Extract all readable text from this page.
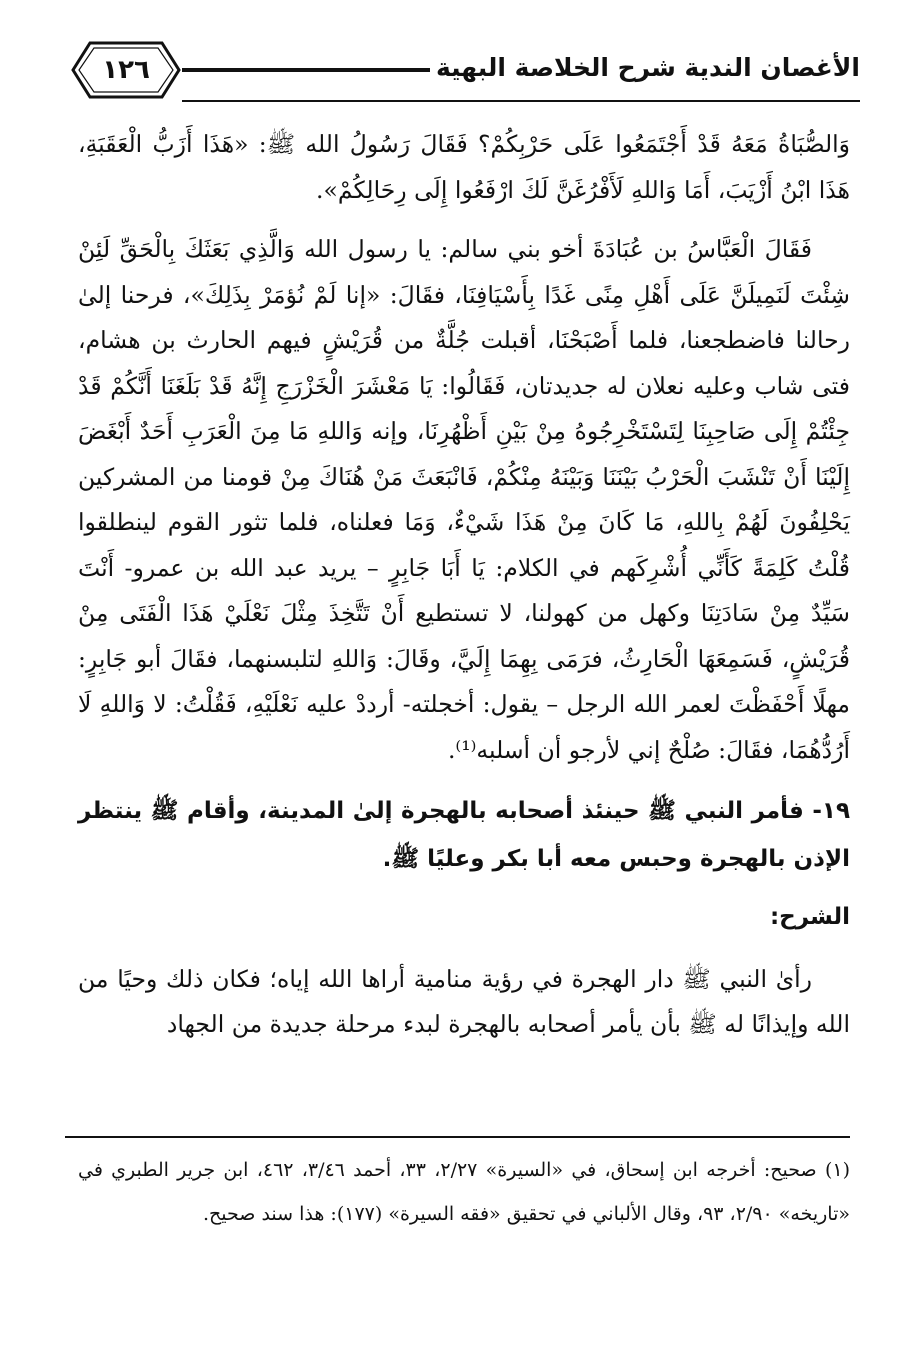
١٢٦	الأغصان الندية شرح الخلاصة البهية

وَالصُّبَاةُ مَعَهُ قَدْ أَجْتَمَعُوا عَلَى حَرْبِكُمْ؟ فَقَالَ رَسُولُ الله ﷺ: «هَذَا أَزَبُّ الْعَقَبَةِ، هَذَا ابْنُ أَزْيَبَ، أَمَا وَاللهِ لَأَفْرُغَنَّ لَكَ ارْفَعُوا إِلَى رِحَالِكُمْ».

فَقَالَ الْعَبَّاسُ بن عُبَادَةَ أخو بني سالم: يا رسول الله وَالَّذِي بَعَثَكَ بِالْحَقِّ لَئِنْ شِئْتَ لَنَمِيلَنَّ عَلَى أَهْلِ مِنًى غَدًا بِأَسْيَافِنَا، فقَالَ: «إنا لَمْ نُؤمَرْ بِذَلِكَ»، فرحنا إلىٰ رحالنا فاضطجعنا، فلما أَصْبَحْنَا، أقبلت جُلَّةٌ من قُرَيْشٍ فيهم الحارث بن هشام، فتى شاب وعليه نعلان له جديدتان، فَقَالُوا: يَا مَعْشَرَ الْخَزْرَجِ إِنَّهُ قَدْ بَلَغَنَا أَنَّكُمْ قَدْ جِئْتُمْ إِلَى صَاحِبِنَا لِتَسْتَخْرِجُوهُ مِنْ بَيْنِ أَظْهُرِنَا، وإنه وَاللهِ مَا مِنَ الْعَرَبِ أَحَدٌ أَبْغَضَ إِلَيْنَا أَنْ تَنْشَبَ الْحَرْبُ بَيْنَنَا وَبَيْنَهُ مِنْكُمْ، فَانْبَعَثَ مَنْ هُنَاكَ مِنْ قومنا من المشركين يَحْلِفُونَ لَهُمْ بِاللهِ، مَا كَانَ مِنْ هَذَا شَيْءٌ، وَمَا فعلناه، فلما تثور القوم لينطلقوا قُلْتُ كَلِمَةً كَأَنِّي أُشْرِكَهم في الكلام: يَا أَبَا جَابِرٍ – يريد عبد الله بن عمرو- أَنْتَ سَيِّدٌ مِنْ سَادَتِنَا وكهل من كهولنا، لا تستطيع أَنْ تَتَّخِذَ مِثْلَ نَعْلَيْ هَذَا الْفَتَى مِنْ قُرَيْشٍ، فَسَمِعَهَا الْحَارِثُ، فرَمَى بِهِمَا إِلَيَّ، وقَالَ: وَاللهِ لتلبسنهما، فقَالَ أبو جَابِرٍ: مهلًا أَحْفَظْتَ لعمر الله الرجل – يقول: أخجلته- أرددْ عليه نَعْلَيْهِ، فَقُلْتُ: لا وَاللهِ لَا أَرُدُّهُمَا، فقَالَ: صُلْحٌ إني لأرجو أن أسلبه⁽¹⁾.

١٩- فأمر النبي ﷺ حينئذ أصحابه بالهجرة إلىٰ المدينة، وأقام ﷺ ينتظر الإذن بالهجرة وحبس معه أبا بكر وعليًا ﷺ.
الشرح:

رأىٰ النبي ﷺ دار الهجرة في رؤية منامية أراها الله إياه؛ فكان ذلك وحيًا من الله وإيذانًا له ﷺ بأن يأمر أصحابه بالهجرة لبدء مرحلة جديدة من الجهاد

(١) صحيح: أخرجه ابن إسحاق، في «السيرة» ٢/٢٧، ٣٣، أحمد ٣/٤٦، ٤٦٢، ابن جرير الطبري في «تاريخه» ٢/٩٠، ٩٣، وقال الألباني في تحقيق «فقه السيرة» (١٧٧): هذا سند صحيح.
